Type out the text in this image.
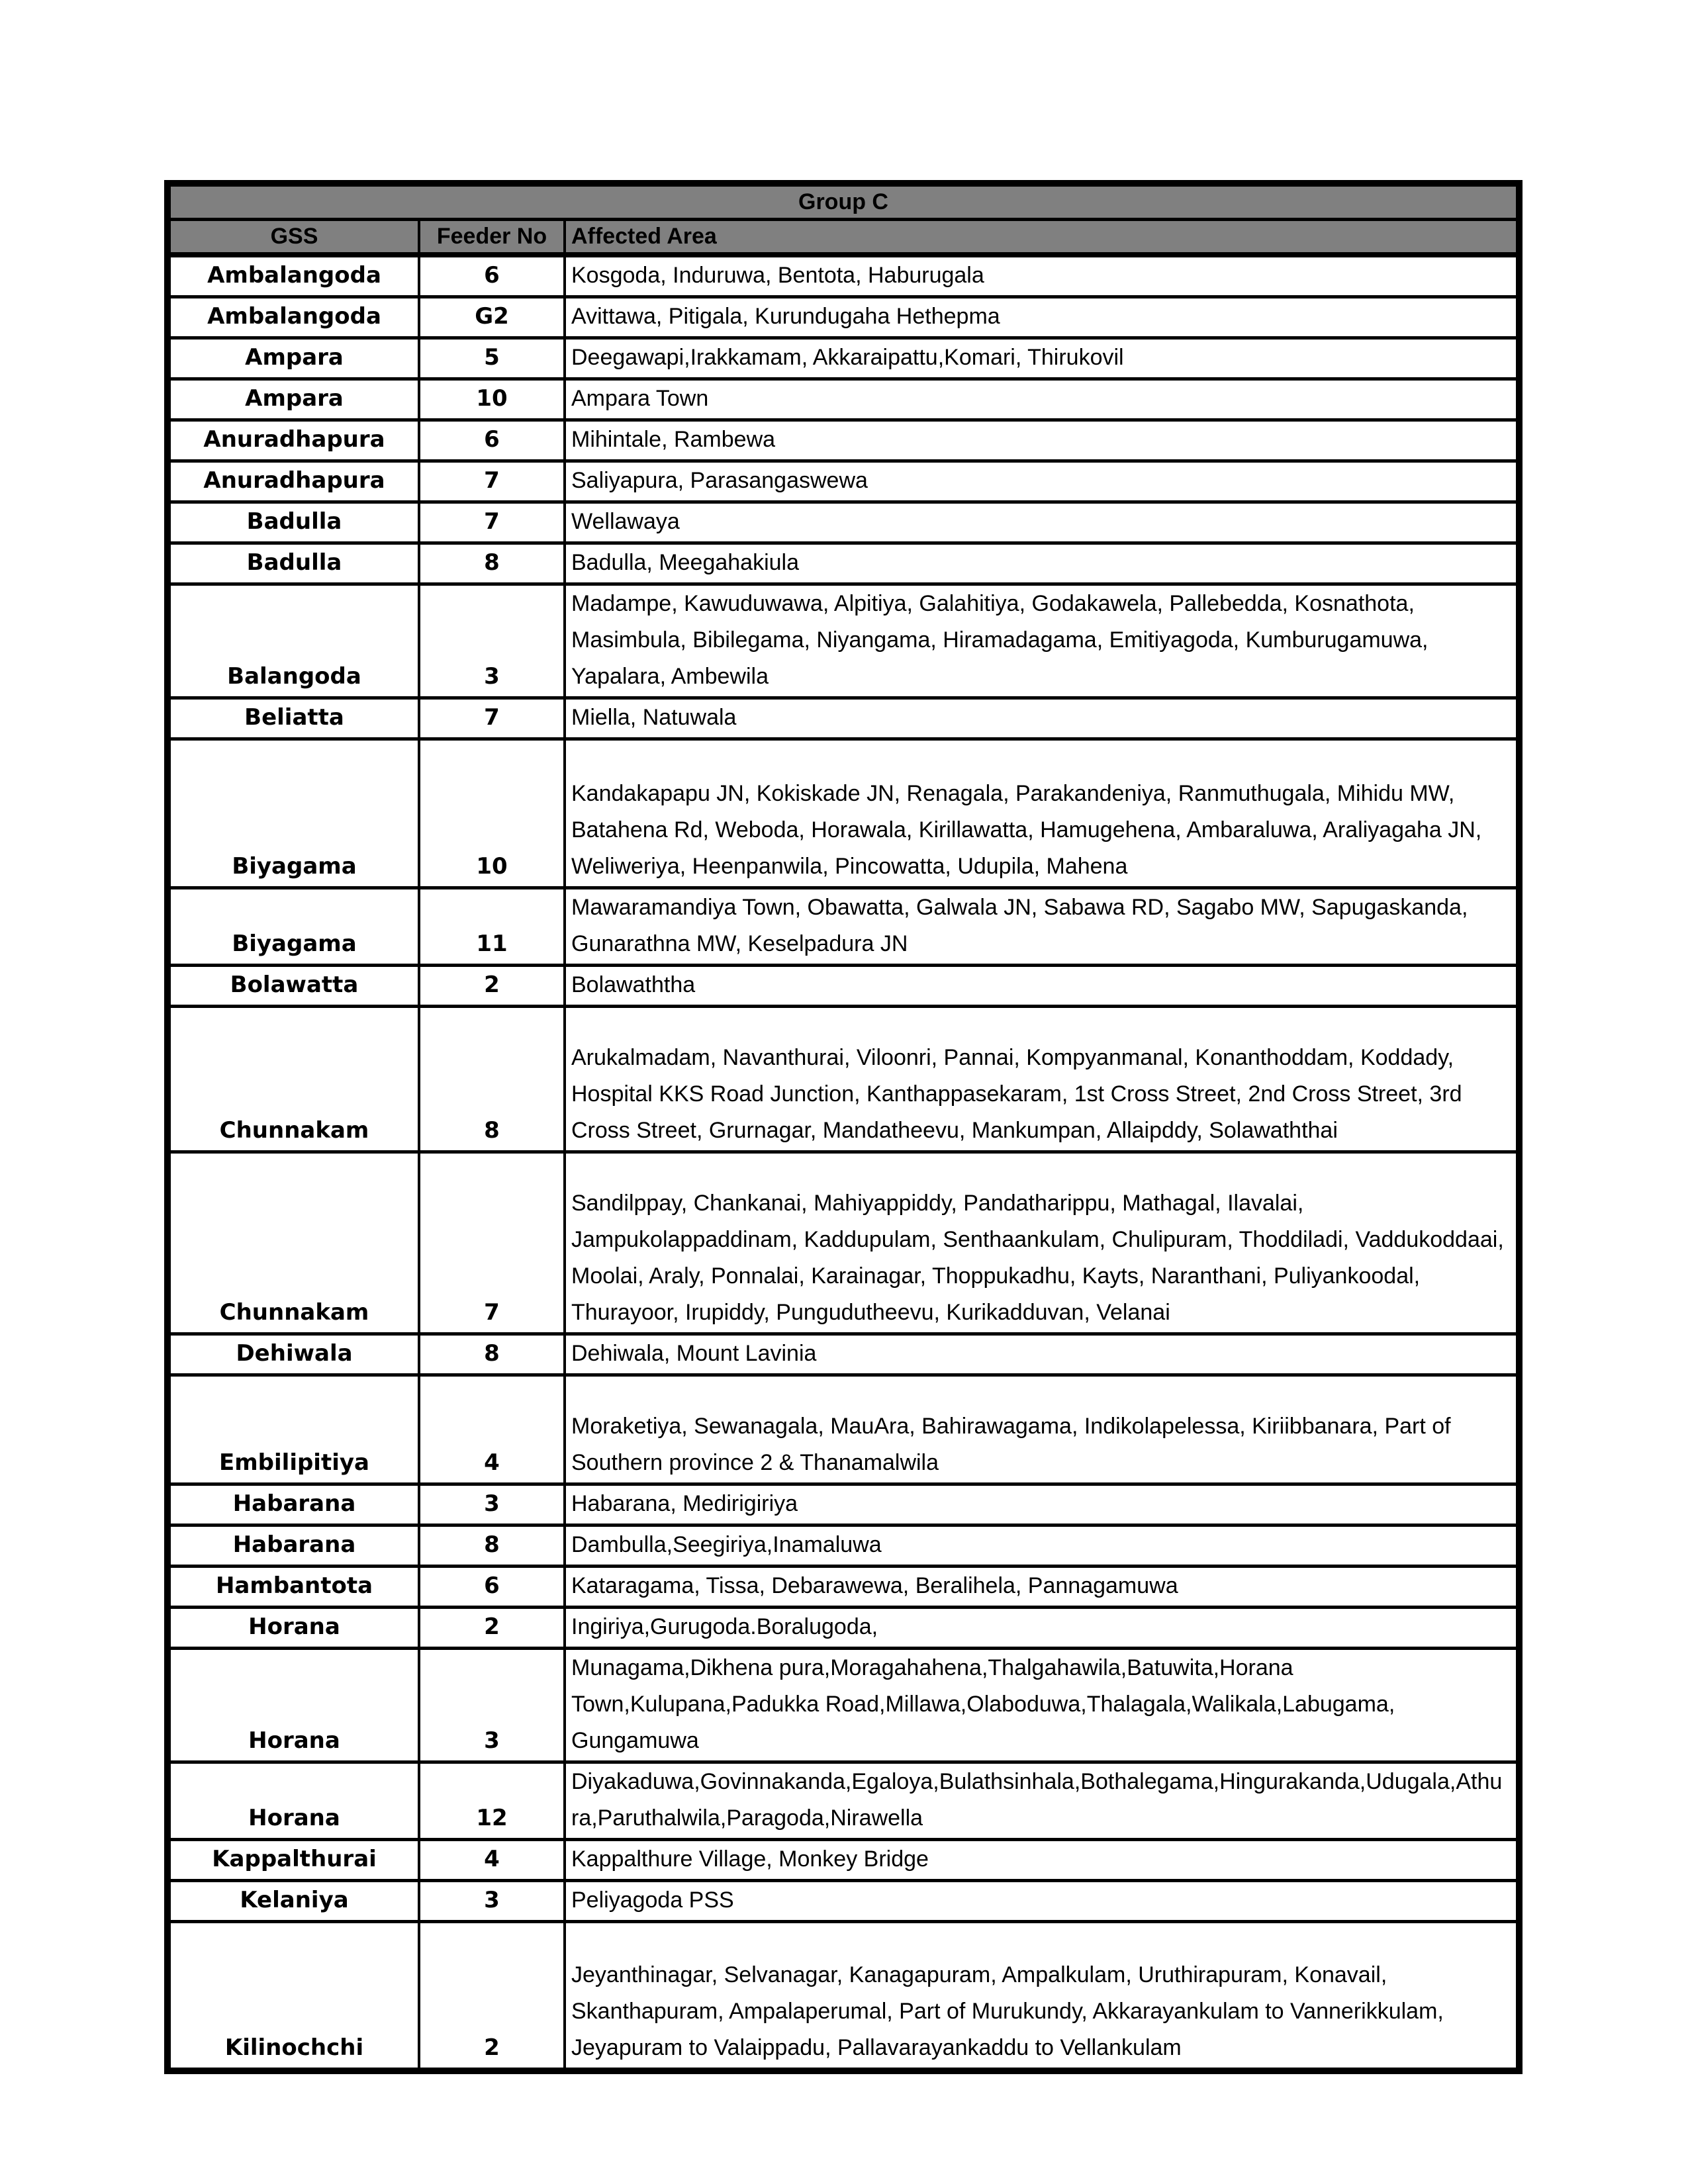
Group C		
GSS	Feeder No	Affected Area
Ambalangoda	6	Kosgoda, Induruwa, Bentota, Haburugala
Ambalangoda	G2	Avittawa, Pitigala, Kurundugaha Hethepma
Ampara	5	Deegawapi,Irakkamam, Akkaraipattu,Komari, Thirukovil
Ampara	10	Ampara Town
Anuradhapura	6	Mihintale, Rambewa
Anuradhapura	7	Saliyapura, Parasangaswewa
Badulla	7	Wellawaya
Badulla	8	Badulla, Meegahakiula
Balangoda	3	Madampe, Kawuduwawa, Alpitiya, Galahitiya, Godakawela, Pallebedda, Kosnathota, Masimbula, Bibilegama, Niyangama, Hiramadagama, Emitiyagoda, Kumburugamuwa, Yapalara, Ambewila
Beliatta	7	Miella, Natuwala
Biyagama	10	Kandakapapu JN, Kokiskade JN, Renagala, Parakandeniya, Ranmuthugala, Mihidu MW, Batahena Rd, Weboda, Horawala, Kirillawatta, Hamugehena, Ambaraluwa, Araliyagaha JN, Weliweriya, Heenpanwila, Pincowatta, Udupila, Mahena
Biyagama	11	Mawaramandiya Town, Obawatta, Galwala JN, Sabawa RD, Sagabo MW, Sapugaskanda, Gunarathna MW, Keselpadura JN
Bolawatta	2	Bolawaththa
Chunnakam	8	Arukalmadam, Navanthurai, Viloonri, Pannai, Kompyanmanal, Konanthoddam, Koddady, Hospital KKS Road Junction, Kanthappasekaram, 1st Cross Street, 2nd Cross Street, 3rd Cross Street, Grurnagar, Mandatheevu, Mankumpan, Allaipddy, Solawaththai
Chunnakam	7	Sandilppay, Chankanai, Mahiyappiddy, Pandatharippu, Mathagal, Ilavalai, Jampukolappaddinam, Kaddupulam, Senthaankulam, Chulipuram, Thoddiladi, Vaddukoddaai, Moolai, Araly, Ponnalai, Karainagar, Thoppukadhu, Kayts, Naranthani, Puliyankoodal, Thurayoor, Irupiddy, Pungudutheevu, Kurikadduvan, Velanai
Dehiwala	8	Dehiwala, Mount Lavinia
Embilipitiya	4	Moraketiya, Sewanagala, MauAra, Bahirawagama, Indikolapelessa, Kiriibbanara, Part of Southern province 2 & Thanamalwila
Habarana	3	Habarana, Medirigiriya
Habarana	8	Dambulla,Seegiriya,Inamaluwa
Hambantota	6	Kataragama, Tissa, Debarawewa, Beralihela, Pannagamuwa
Horana	2	Ingiriya,Gurugoda.Boralugoda,
Horana	3	Munagama,Dikhena pura,Moragahahena,Thalgahawila,Batuwita,Horana Town,Kulupana,Padukka Road,Millawa,Olaboduwa,Thalagala,Walikala,Labugama, Gungamuwa
Horana	12	Diyakaduwa,Govinnakanda,Egaloya,Bulathsinhala,Bothalegama,Hingurakanda,Udugala,Athura,Paruthalwila,Paragoda,Nirawella
Kappalthurai	4	Kappalthure Village, Monkey Bridge
Kelaniya	3	Peliyagoda PSS
Kilinochchi	2	Jeyanthinagar, Selvanagar, Kanagapuram, Ampalkulam, Uruthirapuram, Konavail, Skanthapuram, Ampalaperumal, Part of Murukundy, Akkarayankulam to Vannerikkulam, Jeyapuram to Valaippadu, Pallavarayankaddu to Vellankulam
